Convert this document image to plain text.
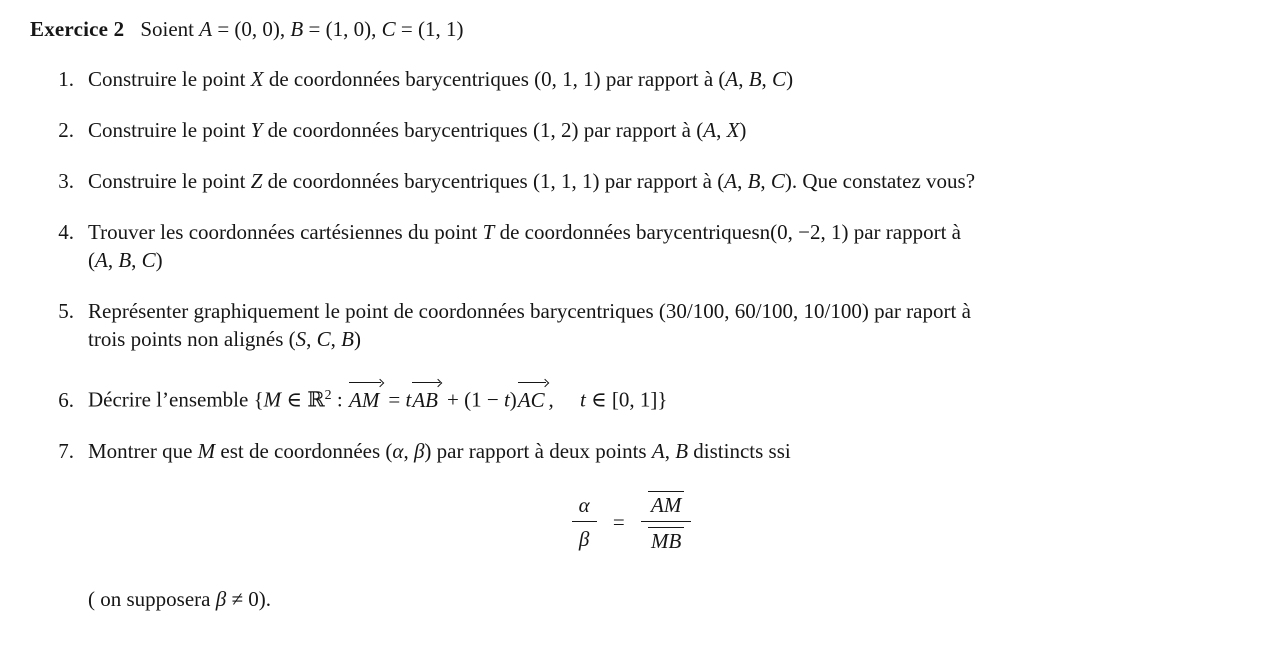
Exercice 2 Soient A = (0, 0), B = (1, 0), C = (1, 1)
1. Construire le point X de coordonnées barycentriques (0, 1, 1) par rapport à (A, B, C)
2. Construire le point Y de coordonnées barycentriques (1, 2) par rapport à (A, X)
3. Construire le point Z de coordonnées barycentriques (1, 1, 1) par rapport à (A, B, C). Que constatez vous?
4. Trouver les coordonnées cartésiennes du point T de coordonnées barycentriquesn(0, −2, 1) par rapport à
(A, B, C)
5. Représenter graphiquement le point de coordonnées barycentriques (30/100, 60/100, 10/100) par raport à
trois points non alignés (S, C, B)
6. Décrire l’ensemble {M ∈ ℝ$^2$ : AM = tAB + (1 − t)AC ,  t ∈ [0, 1]}
7. Montrer que M est de coordonnées (α, β) par rapport à deux points A, B distincts ssi
$\frac{\alpha}{\beta} = \frac{AM}{MB}$
( on supposera β ≠ 0).
